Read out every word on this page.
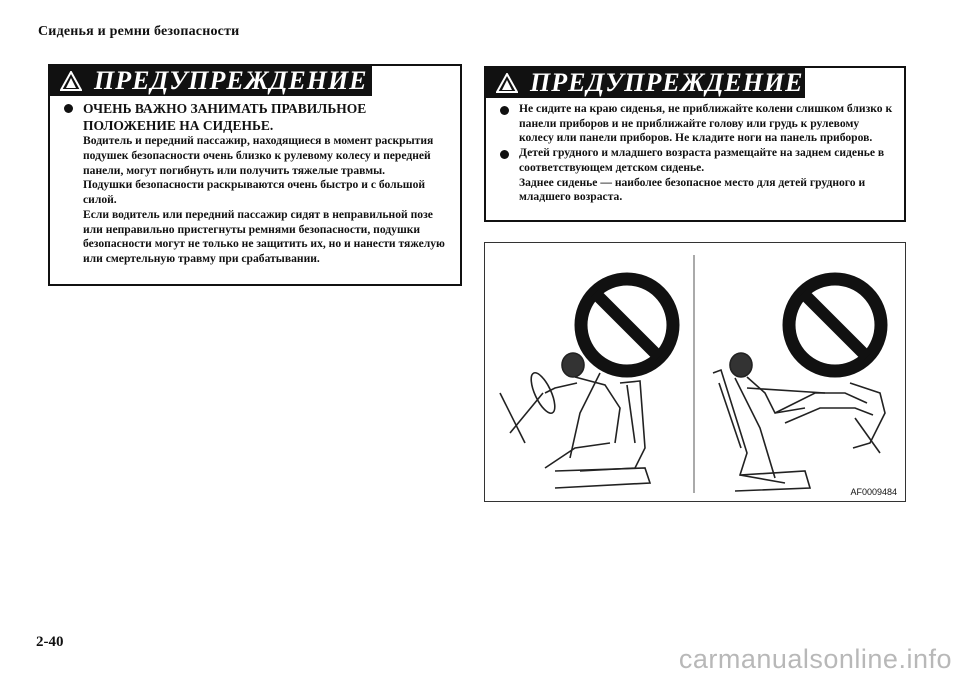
Сиденья и ремни безопасности
ПРЕДУПРЕЖДЕНИЕ
ОЧЕНЬ ВАЖНО ЗАНИМАТЬ ПРАВИЛЬНОЕ
ПОЛОЖЕНИЕ НА СИДЕНЬЕ.

Водитель и передний пассажир, находящиеся в момент раскрытия подушек безопасности очень близко к рулевому колесу и передней панели, могут погибнуть или получить тяжелые травмы.

Подушки безопасности раскрываются очень быстро и с большой силой.

Если водитель или передний пассажир сидят в неправильной позе или неправильно пристегнуты ремнями безопасности, подушки безопасности могут не только не защитить их, но и нанести тяжелую или смертельную травму при срабатывании.

ПРЕДУПРЕЖДЕНИЕ
Не сидите на краю сиденья, не приближайте колени слишком близко к панели приборов и не приближайте голову или грудь к рулевому колесу или панели приборов. Не кладите ноги на панель приборов.
Детей грудного и младшего возраста размещайте на заднем сиденье в соответствующем детском сиденье.
Заднее сиденье — наиболее безопасное место для детей грудного и младшего возраста.
AF0009484
2-40
carmanualsonline.info
